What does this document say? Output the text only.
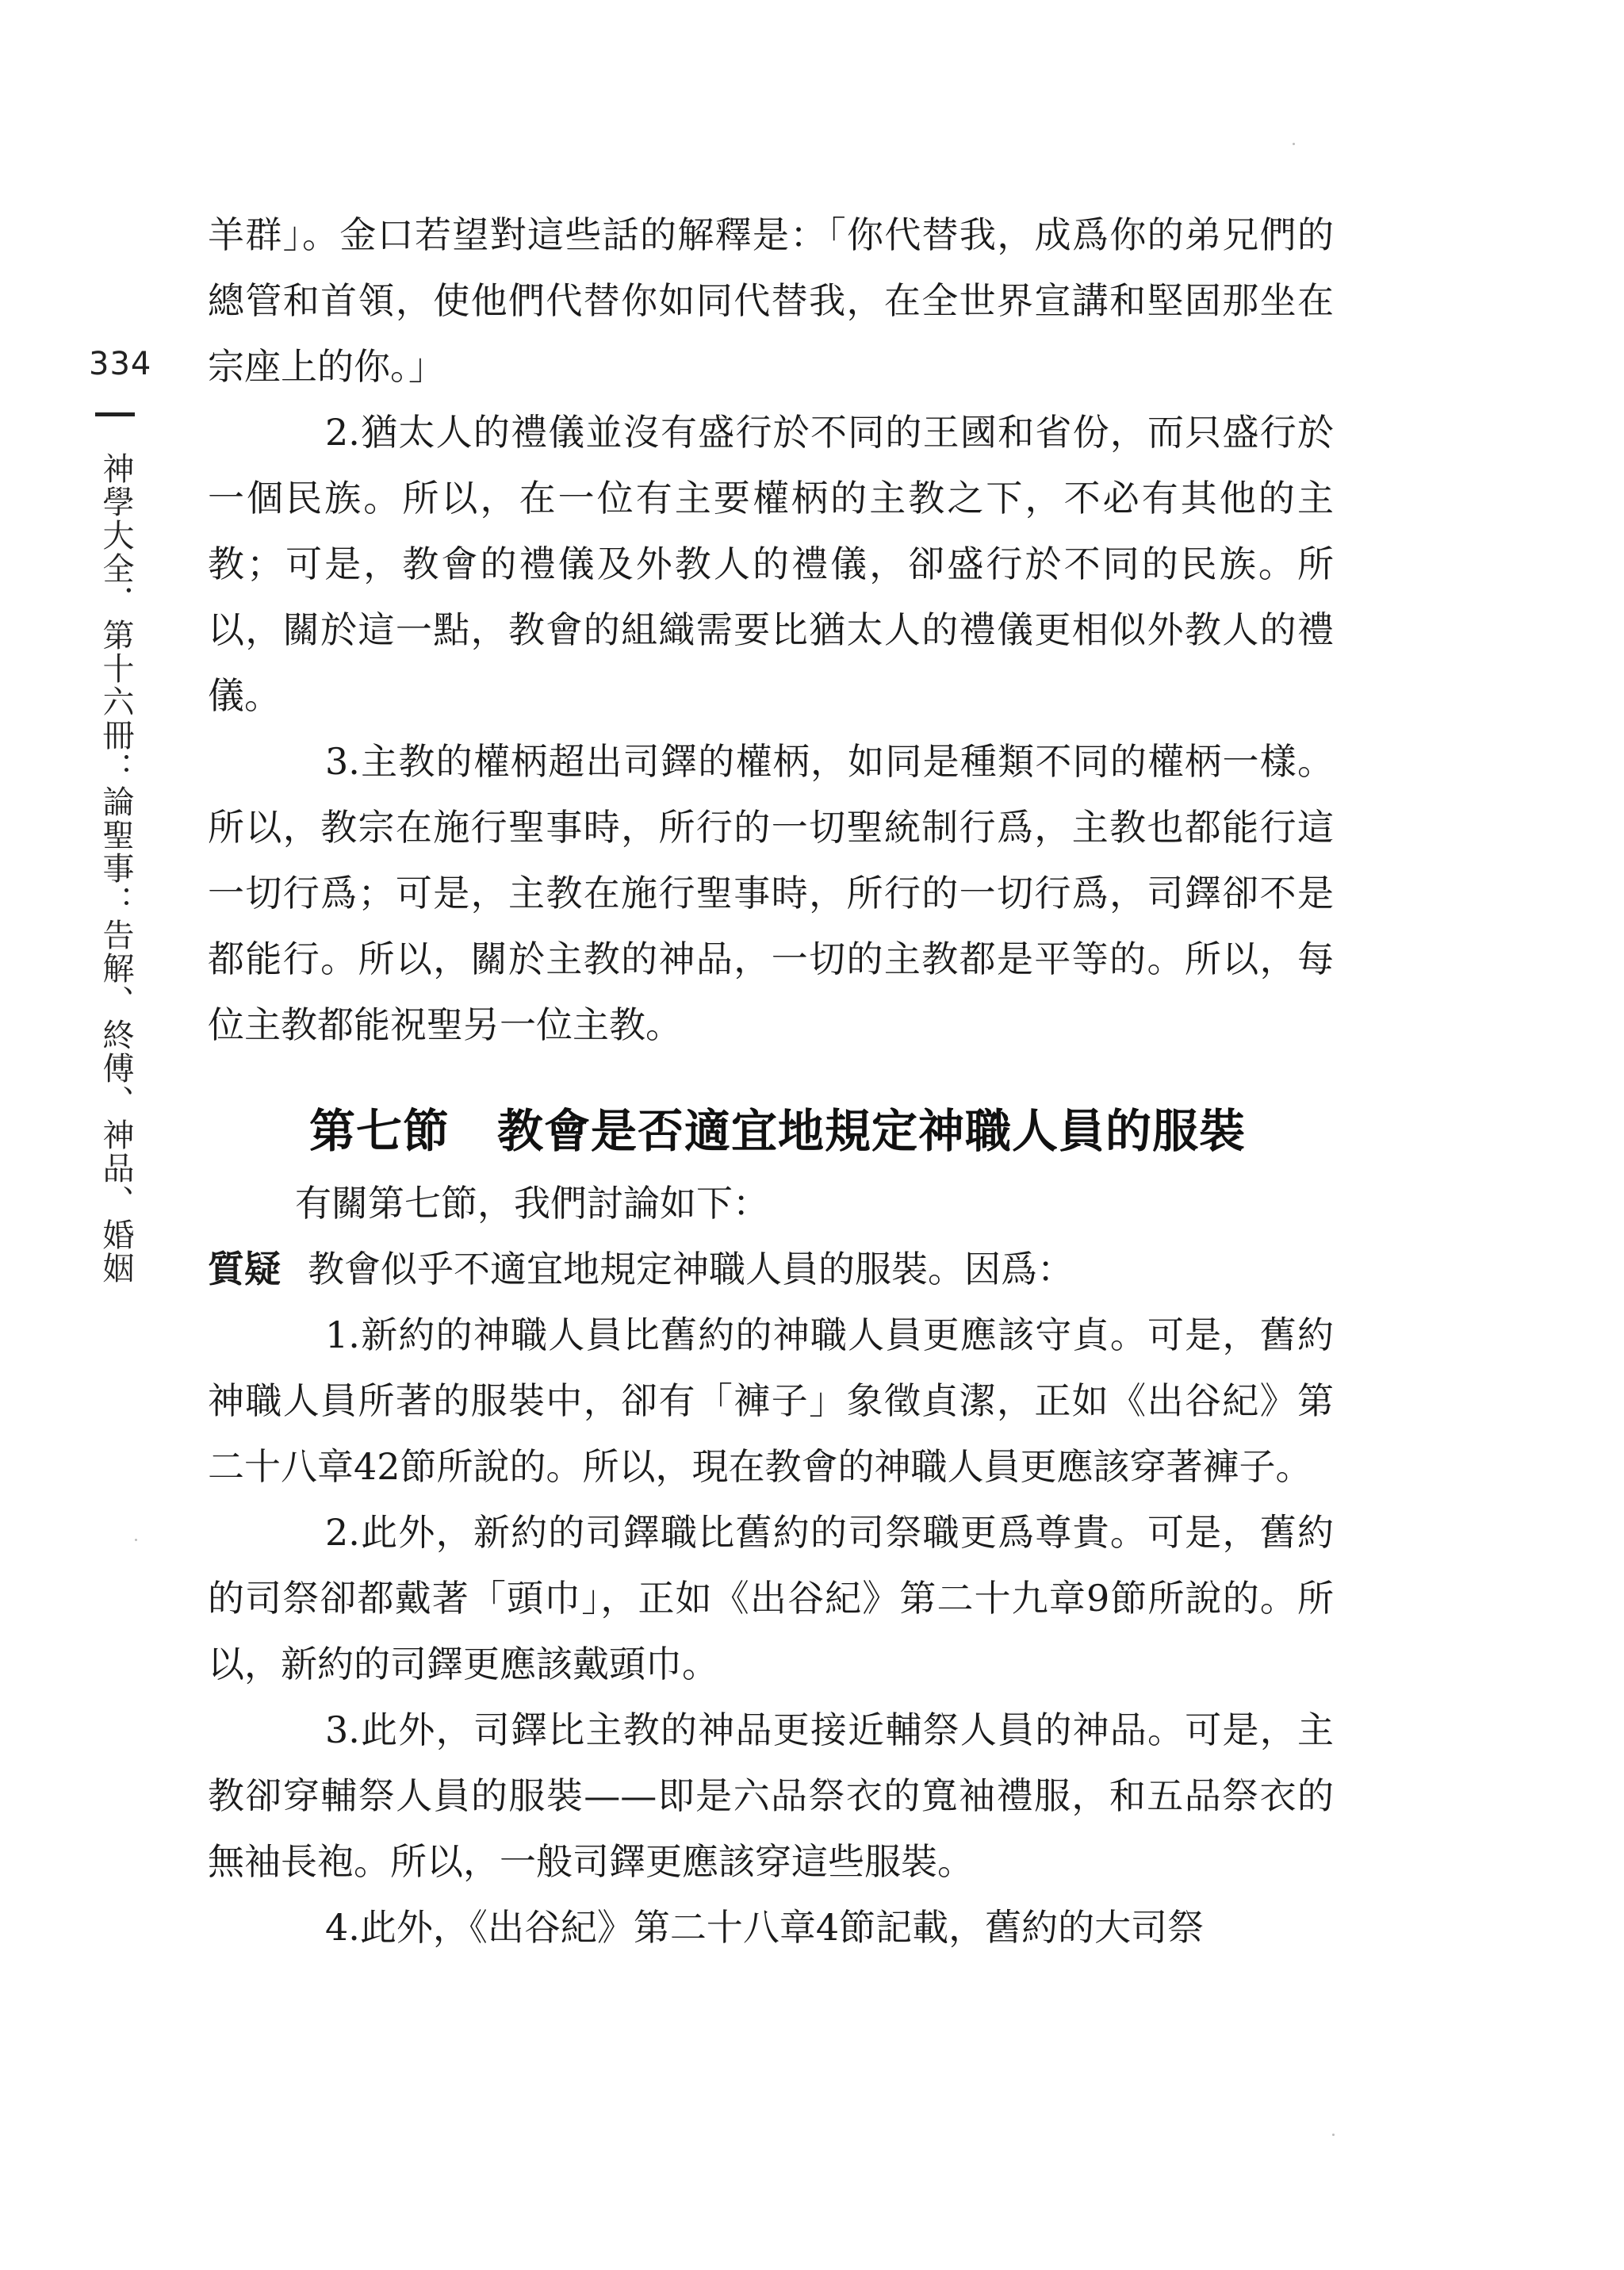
334
神學大全．第十六冊：論聖事：告解、終傅、神品、婚姻

羊群」。金口若望對這些話的解釋是：「你代替我，成爲你的弟兄們的總管和首領，使他們代替你如同代替我，在全世界宣講和堅固那坐在宗座上的你。」

2.猶太人的禮儀並沒有盛行於不同的王國和省份，而只盛行於一個民族。所以，在一位有主要權柄的主教之下，不必有其他的主教；可是，教會的禮儀及外教人的禮儀，卻盛行於不同的民族。所以，關於這一點，教會的組織需要比猶太人的禮儀更相似外教人的禮儀。

3.主教的權柄超出司鐸的權柄，如同是種類不同的權柄一樣。所以，教宗在施行聖事時，所行的一切聖統制行爲，主教也都能行這一切行爲；可是，主教在施行聖事時，所行的一切行爲，司鐸卻不是都能行。所以，關於主教的神品，一切的主教都是平等的。所以，每位主教都能祝聖另一位主教。

第七節 教會是否適宜地規定神職人員的服裝

有關第七節，我們討論如下：

質疑 教會似乎不適宜地規定神職人員的服裝。因爲：

1.新約的神職人員比舊約的神職人員更應該守貞。可是，舊約神職人員所著的服裝中，卻有「褲子」象徵貞潔，正如《出谷紀》第二十八章42節所說的。所以，現在教會的神職人員更應該穿著褲子。

2.此外，新約的司鐸職比舊約的司祭職更爲尊貴。可是，舊約的司祭卻都戴著「頭巾」，正如《出谷紀》第二十九章9節所說的。所以，新約的司鐸更應該戴頭巾。

3.此外，司鐸比主教的神品更接近輔祭人員的神品。可是，主教卻穿輔祭人員的服裝——即是六品祭衣的寬袖禮服，和五品祭衣的無袖長袍。所以，一般司鐸更應該穿這些服裝。

4.此外，《出谷紀》第二十八章4節記載，舊約的大司祭
